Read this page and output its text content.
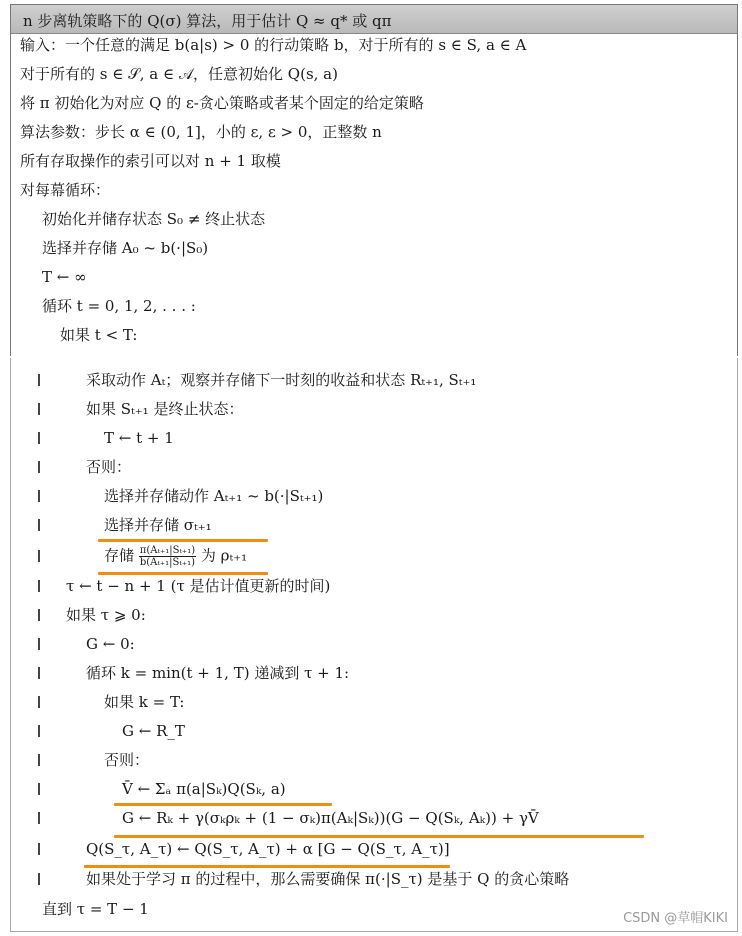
n 步离轨策略下的 Q(σ) 算法，用于估计 Q ≈ q* 或 qπ
输入：一个任意的满足 b(a|s) > 0 的行动策略 b，对于所有的 s ∈ S, a ∈ A
对于所有的 s ∈ 𝒮, a ∈ 𝒜，任意初始化 Q(s, a)
将 π 初始化为对应 Q 的 ε-贪心策略或者某个固定的给定策略
算法参数：步长 α ∈ (0, 1]，小的 ε, ε > 0，正整数 n
所有存取操作的索引可以对 n + 1 取模
对每幕循环：
初始化并储存状态 S₀ ≠ 终止状态
选择并存储 A₀ ~ b(·|S₀)
T ← ∞
循环 t = 0, 1, 2, . . . :
如果 t < T:
采取动作 Aₜ；观察并存储下一时刻的收益和状态 Rₜ₊₁, Sₜ₊₁
如果 Sₜ₊₁ 是终止状态：
T ← t + 1
否则：
选择并存储动作 Aₜ₊₁ ~ b(·|Sₜ₊₁)
选择并存储 σₜ₊₁
存储 $\frac{\text{π(Aₜ₊₁|Sₜ₊₁)}}{\text{b(Aₜ₊₁|Sₜ₊₁)}}$ 为 ρₜ₊₁
τ ← t − n + 1 (τ 是估计值更新的时间)
如果 τ ⩾ 0:
G ← 0:
循环 k = min(t + 1, T) 递减到 τ + 1:
如果 k = T:
G ← R_T
否则：
V̄ ← Σₐ π(a|Sₖ)Q(Sₖ, a)
G ← Rₖ + γ(σₖρₖ + (1 − σₖ)π(Aₖ|Sₖ))(G − Q(Sₖ, Aₖ)) + γV̄
Q(S_τ, A_τ) ← Q(S_τ, A_τ) + α [G − Q(S_τ, A_τ)]
如果处于学习 π 的过程中，那么需要确保 π(·|S_τ) 是基于 Q 的贪心策略
直到 τ = T − 1
CSDN @草帽KIKI
